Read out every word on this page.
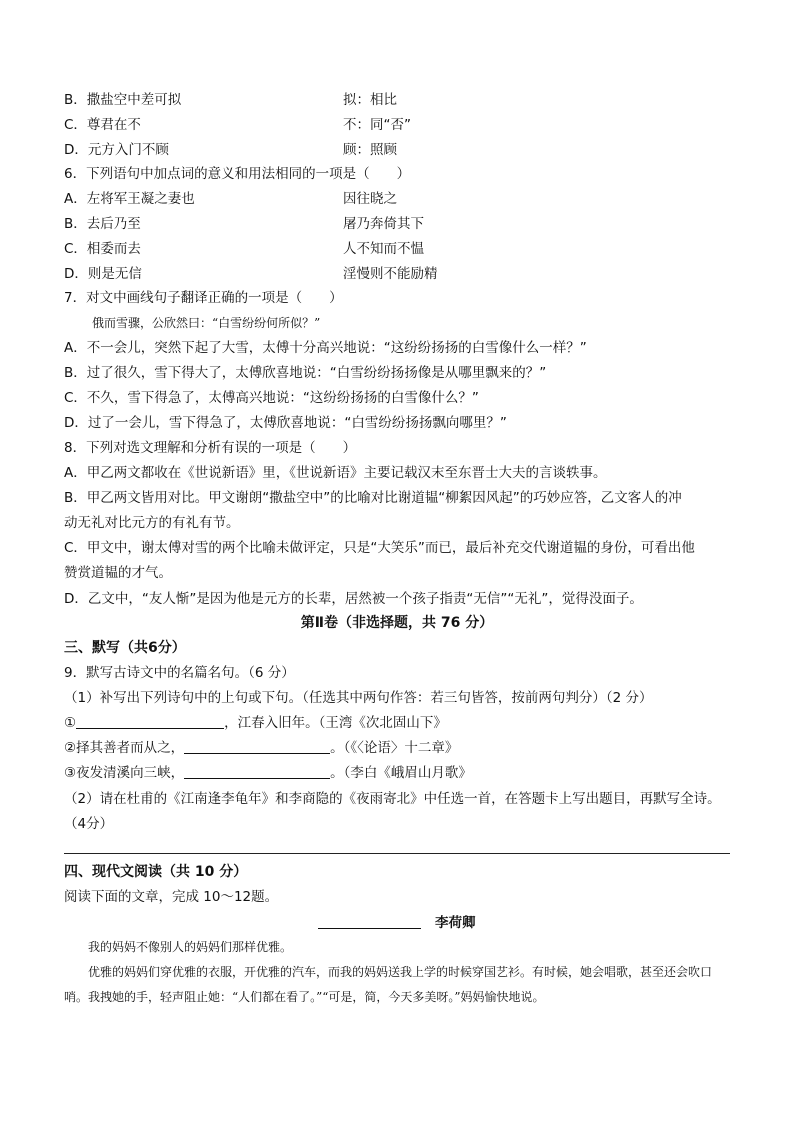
B．撒盐空中差可拟	拟：相比
C．尊君在不	不：同“否”
D．元方入门不顾	顾：照顾
6．下列语句中加点词的意义和用法相同的一项是（　　）
A．左将军王凝之妻也	因往晓之
B．去后乃至	屠乃奔倚其下
C．相委而去	人不知而不愠
D．则是无信	淫慢则不能励精
7．对文中画线句子翻译正确的一项是（　　）
俄而雪骤，公欣然曰：“白雪纷纷何所似？”
A．不一会儿，突然下起了大雪，太傅十分高兴地说：“这纷纷扬扬的白雪像什么一样？”
B．过了很久，雪下得大了，太傅欣喜地说：“白雪纷纷扬扬像是从哪里飘来的？”
C．不久，雪下得急了，太傅高兴地说：“这纷纷扬扬的白雪像什么？”
D．过了一会儿，雪下得急了，太傅欣喜地说：“白雪纷纷扬扬飘向哪里？”
8．下列对选文理解和分析有误的一项是（　　）
A．甲乙两文都收在《世说新语》里，《世说新语》主要记载汉末至东晋士大夫的言谈轶事。
B．甲乙两文皆用对比。甲文谢朗“撒盐空中”的比喻对比谢道韫“柳絮因风起”的巧妙应答，乙文客人的冲
动无礼对比元方的有礼有节。
C．甲文中，谢太傅对雪的两个比喻未做评定，只是“大笑乐”而已，最后补充交代谢道韫的身份，可看出他
赞赏道韫的才气。
D．乙文中，“友人惭”是因为他是元方的长辈，居然被一个孩子指责“无信”“无礼”，觉得没面子。
第Ⅱ卷（非选择题，共 76 分）
三、默写（共6分）
9．默写古诗文中的名篇名句。（6 分）
（1）补写出下列诗句中的上句或下句。（任选其中两句作答：若三句皆答，按前两句判分）（2 分）
①	，江春入旧年。（王湾《次北固山下》
②择其善者而从之，	。（《〈论语〉十二章》
③夜发清溪向三峡，	。（李白《峨眉山月歌》
（2）请在杜甫的《江南逢李龟年》和李商隐的《夜雨寄北》中任选一首，在答题卡上写出题目，再默写全诗。
（4分）
四、现代文阅读（共 10 分）
阅读下面的文章，完成 10～12题。
李荷卿
我的妈妈不像别人的妈妈们那样优雅。
优雅的妈妈们穿优雅的衣服，开优雅的汽车，而我的妈妈送我上学的时候穿国艺衫。有时候，她会唱歌，甚至还会吹口哨。我拽她的手，轻声阻止她：“人们都在看了。”“可是，简，今天多美呀。”妈妈愉快地说。
